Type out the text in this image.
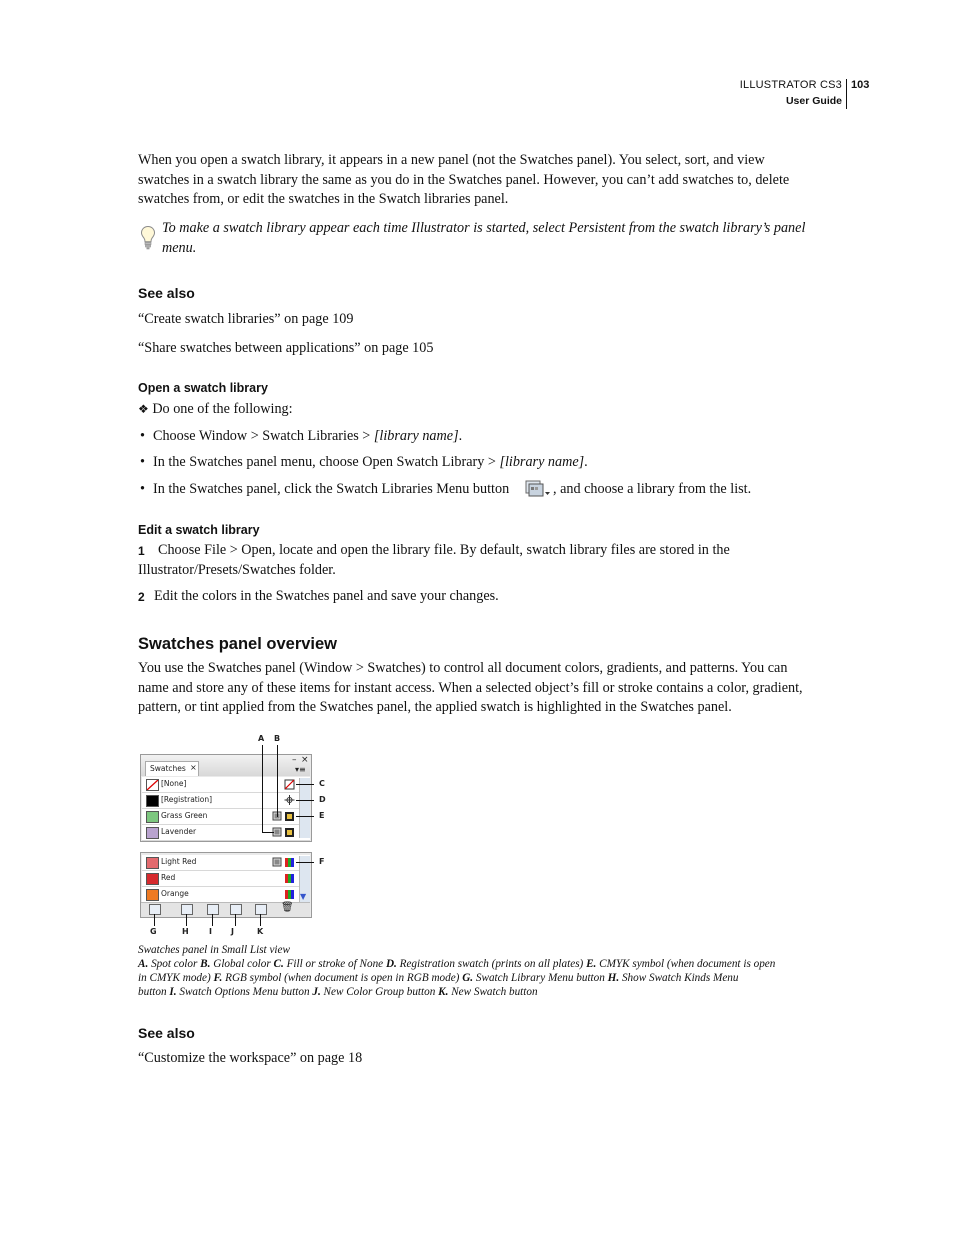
ILLUSTRATOR CS3
User Guide
103
When you open a swatch library, it appears in a new panel (not the Swatches panel). You select, sort, and view
swatches in a swatch library the same as you do in the Swatches panel. However, you can’t add swatches to, delete
swatches from, or edit the swatches in the Swatch libraries panel.
To make a swatch library appear each time Illustrator is started, select Persistent from the swatch library’s panel
menu.
See also
“Create swatch libraries” on page 109
“Share swatches between applications” on page 105
Open a swatch library
❖ Do one of the following:
• Choose Window > Swatch Libraries > [library name].
• In the Swatches panel menu, choose Open Swatch Library > [library name].
• In the Swatches panel, click the Swatch Libraries Menu button	, and choose a library from the list.
Edit a swatch library
1 Choose File > Open, locate and open the library file. By default, swatch library files are stored in the
Illustrator/Presets/Swatches folder.
2 Edit the colors in the Swatches panel and save your changes.
Swatches panel overview
You use the Swatches panel (Window > Swatches) to control all document colors, gradients, and patterns. You can
name and store any of these items for instant access. When a selected object’s fill or stroke contains a color, gradient,
pattern, or tint applied from the Swatches panel, the applied swatch is highlighted in the Swatches panel.
Swatches ×
– ×
▾≡
[None]
[Registration]
Grass Green
Lavender
Light Red
Red
Orange	▼
🗑
A B
C
D
E
F
G	H	I J	K
Swatches panel in Small List view
A. Spot color B. Global color C. Fill or stroke of None D. Registration swatch (prints on all plates) E. CMYK symbol (when document is open
in CMYK mode) F. RGB symbol (when document is open in RGB mode) G. Swatch Library Menu button H. Show Swatch Kinds Menu
button I. Swatch Options Menu button J. New Color Group button K. New Swatch button
See also
“Customize the workspace” on page 18
